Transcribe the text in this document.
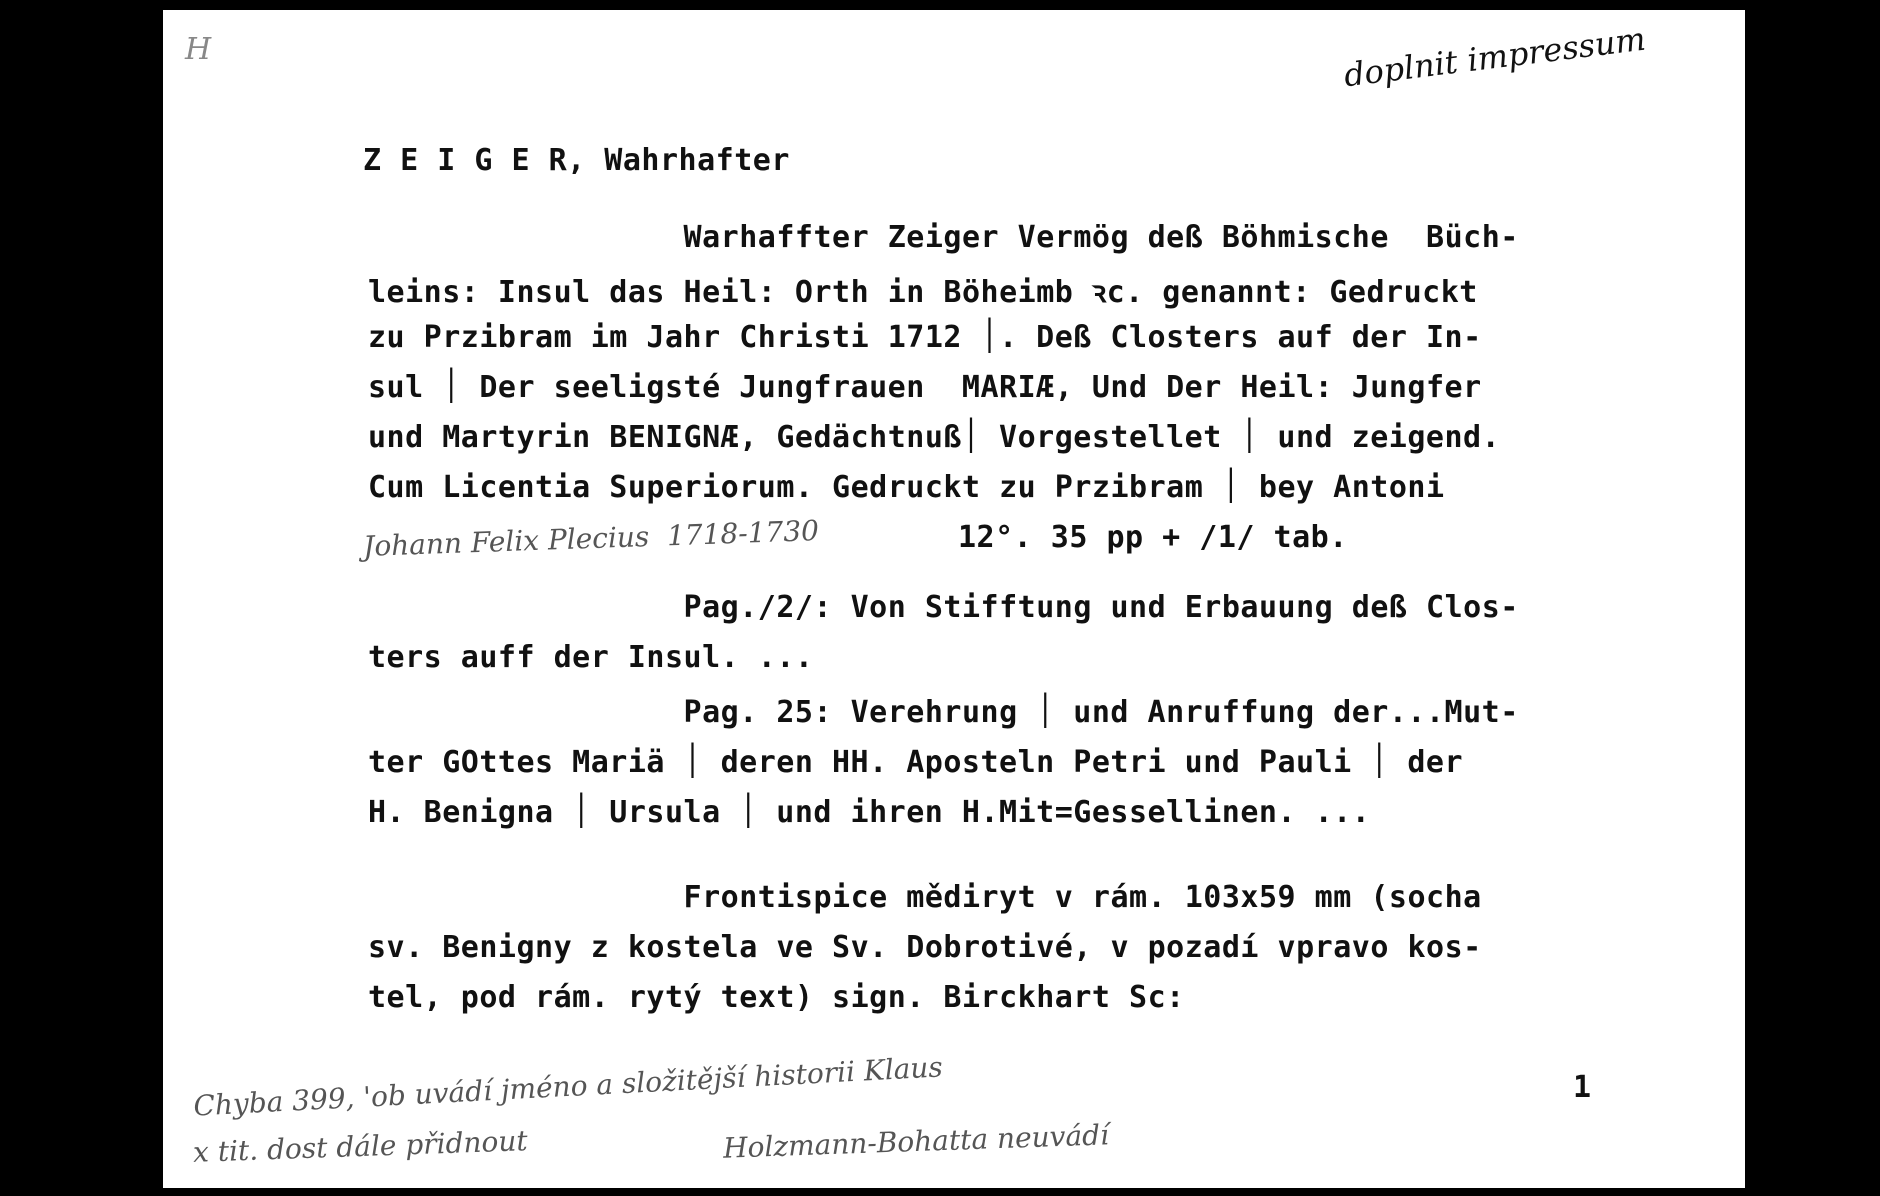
H	doplnit impressum
Z E I G E R, Wahrhafter
Warhaffter Zeiger Vermög deß Böhmische  Büch-
leins: Insul das Heil: Orth in Böheimb ꝛc. genannt: Gedruckt
zu Przibram im Jahr Christi ׀ 1712. Deß Closters auf der In-
sul ׀ Der seeligsté Jungfrauen  MARIÆ, Und Der Heil: Jungfer
und Martyrin BENIGNÆ, Gedächtnuß׀ Vorgestellet ׀ und zeigend.
Cum Licentia Superiorum. Gedruckt zu Przibram ׀ bey Antoni
Johann Felix Plecius  1718-1730	12°. 35 pp + /1/ tab.
Pag./2/: Von Stifftung und Erbauung deß Clos-
ters auff der Insul. ...
Pag. 25: Verehrung ׀ und Anruffung der...Mut-
ter GOttes Mariä ׀ deren HH. Aposteln Petri und Pauli ׀ der
H. Benigna ׀ Ursula ׀ und ihren H.Mit=Gessellinen. ...
Frontispice mědiryt v rám. 103x59 mm (socha
sv. Benigny z kostela ve Sv. Dobrotivé, v pozadí vpravo kos-
tel, pod rám. rytý text) sign. Birckhart Sc:
1
Chyba 399, 'ob uvádí jméno a složitější historii Klaus
x tit. dost dále přidnout	Holzmann-Bohatta neuvádí
